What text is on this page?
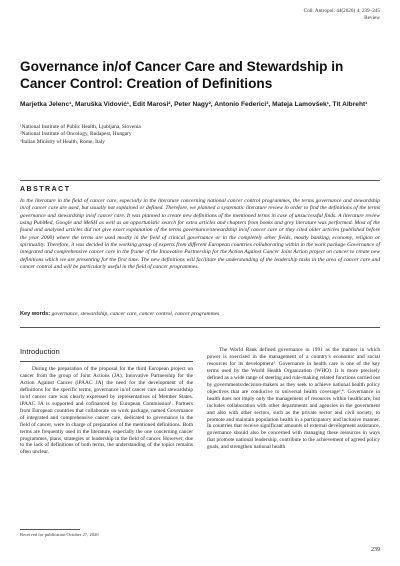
Coll. Antropol. 44(2020) 4: 239–245
Review
Governance in/of Cancer Care and Stewardship in Cancer Control: Creation of Definitions
Marjetka Jelenc¹, Maruška Vidović¹, Edit Marosi², Peter Nagy², Antonio Federici³, Mateja Lamovšek¹, Tit Albreht¹
¹National Institute of Public Health, Ljubljana, Slovenia
²National Institute of Oncology, Budapest, Hungary
³Italian Ministry of Health, Rome, Italy
ABSTRACT
In the literature in the field of cancer care, especially in the literature concerning national cancer control programmes, the terms governance and stewardship in/of cancer care are used, but usually not explained or defined. Therefore, we planned a systematic literature review in order to find the definitions of the terms governance and stewardship in/of cancer care. It was planned to create new definitions of the mentioned terms in case of unsuccessful finds. A literature review using PubMed, Google and MeSH as well as an opportunistic search for extra articles and chapters from books and grey literature was performed. Most of the found and analysed articles did not give exact explanation of the terms governance/stewardship in/of cancer care or they cited older articles (published before the year 2000) where the terms are used mostly in the field of clinical governance or in the completely other fields, mostly banking, economy, religion or spirituality. Therefore, it was decided in the working group of experts from different European countries collaborating within in the work package Governance of integrated and comprehensive cancer care in the frame of the Innovative Partnership for the Action Against Cancer Joint Action project on cancer to create new definitions which we are presenting for the first time. The new definitions will facilitate the understanding of the leadership tasks in the area of cancer care and cancer control and will be particularly useful in the field of cancer programmes.
Key words: governance, stewardship, cancer care, cancer control, cancer programmes
Introduction

During the preparation of the proposal for the third European project on cancer from the group of Joint Actions (JA), Innovative Partnership for the Action Against Cancer (iPAAC JA) the need for the development of the definitions for the specific terms, governance in/of cancer care and stewardship in/of cancer care was clearly expressed by representatives of Member States. iPAAC JA is supported and cofinanced by European Commission¹. Partners from European countries that collaborate on work package, named Governance of integrated and comprehensive cancer care, dedicated to governance in the field of cancer, were in charge of preparation of the mentioned definitions. Both terms are frequently used in the literature, especially the one concerning cancer programmes, plans, strategies or leadership in the field of cancer. However, due to the lack of definitions of both terms, the understanding of the topics remains often unclear.

The World Bank defined governance in 1991 as the manner in which power is exercised in the management of a country's economic and social resources for its development². Governance in health care is one of the key terms used by the World Health Organization (WHO). It is more precisely defined as a wide range of steering and rule-making related functions carried out by governments/decision-makers as they seek to achieve national health policy objectives that are conducive to universal health coverage³,⁴. Governance in health does not imply only the management of resources within healthcare, but includes collaboration with other departments and agencies in the government and also with other sectors, such as the private sector and civil society, to promote and maintain population health in a participatory and inclusive manner. In countries that receive significant amounts of external development assistance, governance should also be concerned with managing these resources in ways that promote national leadership, contribute to the achievement of agreed policy goals, and strengthen national health

Received for publication October 27, 2020
239
